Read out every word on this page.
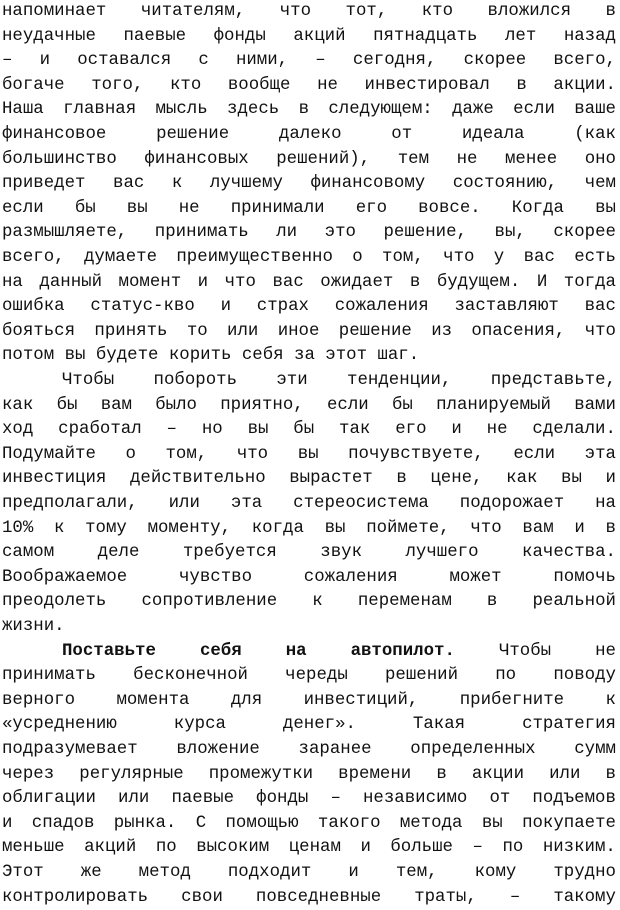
напоминает читателям, что тот, кто вложился в
неудачные паевые фонды акций пятнадцать лет назад
– и оставался с ними, – сегодня, скорее всего,
богаче того, кто вообще не инвестировал в акции.
Наша главная мысль здесь в следующем: даже если ваше
финансовое	решение	далеко	от	идеала	(как
большинство финансовых решений), тем не менее оно
приведет вас к лучшему финансовому состоянию, чем
если бы вы не принимали его вовсе. Когда вы
размышляете, принимать ли это решение, вы, скорее
всего, думаете преимущественно о том, что у вас есть
на данный момент и что вас ожидает в будущем. И тогда
ошибка статус-кво и страх сожаления заставляют вас
бояться принять то или иное решение из опасения, что
потом вы будете корить себя за этот шаг.
Чтобы побороть эти тенденции, представьте,
как бы вам было приятно, если бы планируемый вами
ход сработал – но вы бы так его и не сделали.
Подумайте о том, что вы почувствуете, если эта
инвестиция действительно вырастет в цене, как вы и
предполагали, или эта стереосистема подорожает на
10% к тому моменту, когда вы поймете, что вам и в
самом деле требуется звук лучшего качества.
Воображаемое	чувство	сожаления	может	помочь
преодолеть сопротивление к переменам в реальной
жизни.
Поставьте	себя	на	автопилот.	Чтобы	не
принимать бесконечной череды решений по поводу
верного момента для инвестиций, прибегните к
«усреднению	курса	денег».	Такая	стратегия
подразумевает вложение заранее определенных сумм
через регулярные промежутки времени в акции или в
облигации или паевые фонды – независимо от подъемов
и спадов рынка. С помощью такого метода вы покупаете
меньше акций по высоким ценам и больше – по низким.
Этот же метод подходит и тем, кому трудно
контролировать свои повседневные траты, – такому
